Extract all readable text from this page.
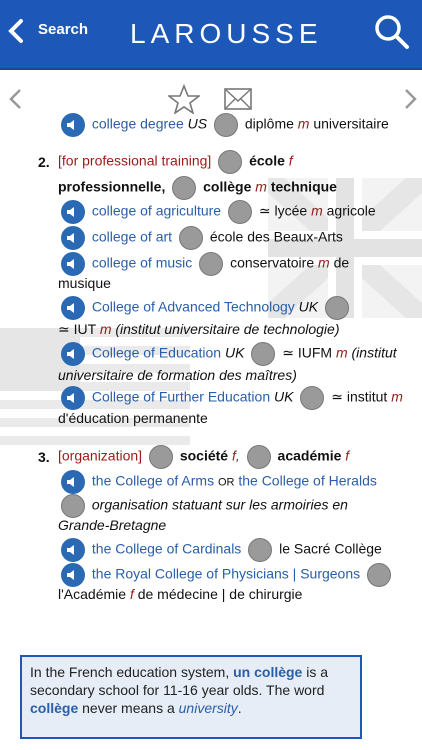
Search LAROUSSE
college degree US	diplôme m universitaire
2. [for professional training]	école f
professionnelle,	collège m technique
college of agriculture	≃ lycée m agricole
college of art	école des Beaux-Arts
college of music	conservatoire m de
musique
College of Advanced Technology UK
≃ IUT m (institut universitaire de technologie)
College of Education UK	≃ IUFM m (institut
universitaire de formation des maîtres)
College of Further Education UK	≃ institut m
d'éducation permanente
3. [organization]	société f,	académie f
the College of Arms OR the College of Heralds
organisation statuant sur les armoiries en
Grande-Bretagne
the College of Cardinals	le Sacré Collège
the Royal College of Physicians | Surgeons
l'Académie f de médecine | de chirurgie
In the French education system, un collège is a secondary school for 11-16 year olds. The word collège never means a university.
